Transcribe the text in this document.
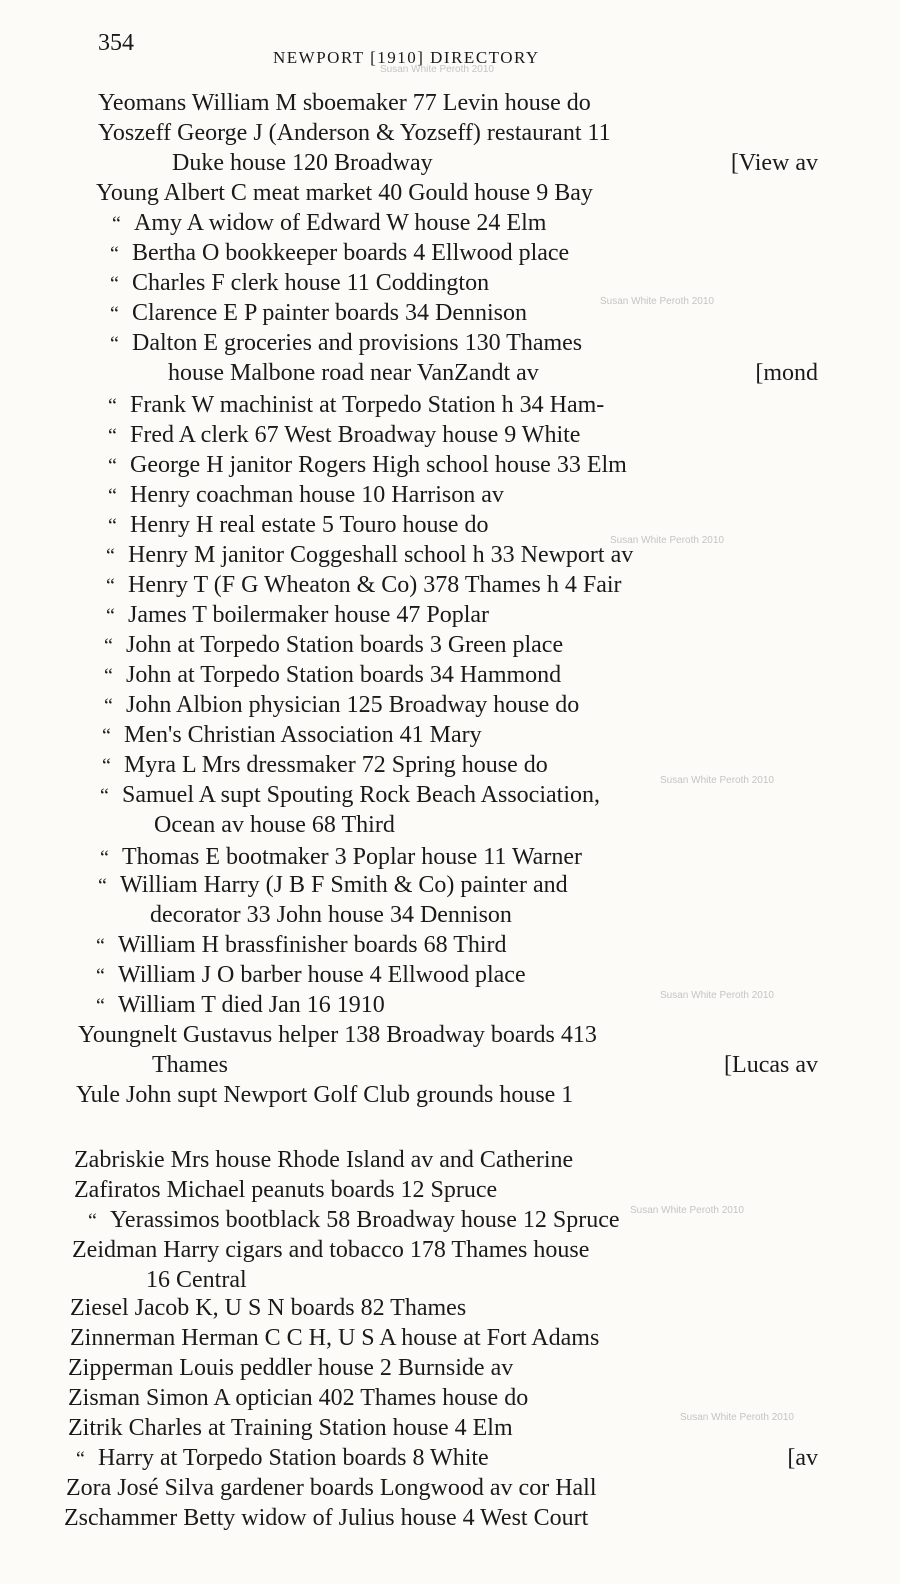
354
NEWPORT [1910] DIRECTORY
Susan White Peroth 2010
Susan White Peroth 2010
Susan White Peroth 2010
Susan White Peroth 2010
Susan White Peroth 2010
Susan White Peroth 2010
Susan White Peroth 2010
Yeomans William M sboemaker 77 Levin house do
Yoszeff George J (Anderson & Yozseff) restaurant 11
Duke house 120 Broadway	[View av
Young Albert C meat market 40 Gould house 9 Bay
“ Amy A widow of Edward W house 24 Elm
“ Bertha O bookkeeper boards 4 Ellwood place
“ Charles F clerk house 11 Coddington
“ Clarence E P painter boards 34 Dennison
“ Dalton E groceries and provisions 130 Thames
house Malbone road near VanZandt av	[mond
“ Frank W machinist at Torpedo Station h 34 Ham-
“ Fred A clerk 67 West Broadway house 9 White
“ George H janitor Rogers High school house 33 Elm
“ Henry coachman house 10 Harrison av
“ Henry H real estate 5 Touro house do
“ Henry M janitor Coggeshall school h 33 Newport av
“ Henry T (F G Wheaton & Co) 378 Thames h 4 Fair
“ James T boilermaker house 47 Poplar
“ John at Torpedo Station boards 3 Green place
“ John at Torpedo Station boards 34 Hammond
“ John Albion physician 125 Broadway house do
“ Men's Christian Association 41 Mary
“ Myra L Mrs dressmaker 72 Spring house do
“ Samuel A supt Spouting Rock Beach Association,
Ocean av house 68 Third
“ Thomas E bootmaker 3 Poplar house 11 Warner
“ William Harry (J B F Smith & Co) painter and
decorator 33 John house 34 Dennison
“ William H brassfinisher boards 68 Third
“ William J O barber house 4 Ellwood place
“ William T died Jan 16 1910
Youngnelt Gustavus helper 138 Broadway boards 413
Thames	[Lucas av
Yule John supt Newport Golf Club grounds house 1
Zabriskie Mrs house Rhode Island av and Catherine
Zafiratos Michael peanuts boards 12 Spruce
“ Yerassimos bootblack 58 Broadway house 12 Spruce
Zeidman Harry cigars and tobacco 178 Thames house
16 Central
Ziesel Jacob K, U S N boards 82 Thames
Zinnerman Herman C C H, U S A house at Fort Adams
Zipperman Louis peddler house 2 Burnside av
Zisman Simon A optician 402 Thames house do
Zitrik Charles at Training Station house 4 Elm
“ Harry at Torpedo Station boards 8 White	[av
Zora José Silva gardener boards Longwood av cor Hall
Zschammer Betty widow of Julius house 4 West Court
